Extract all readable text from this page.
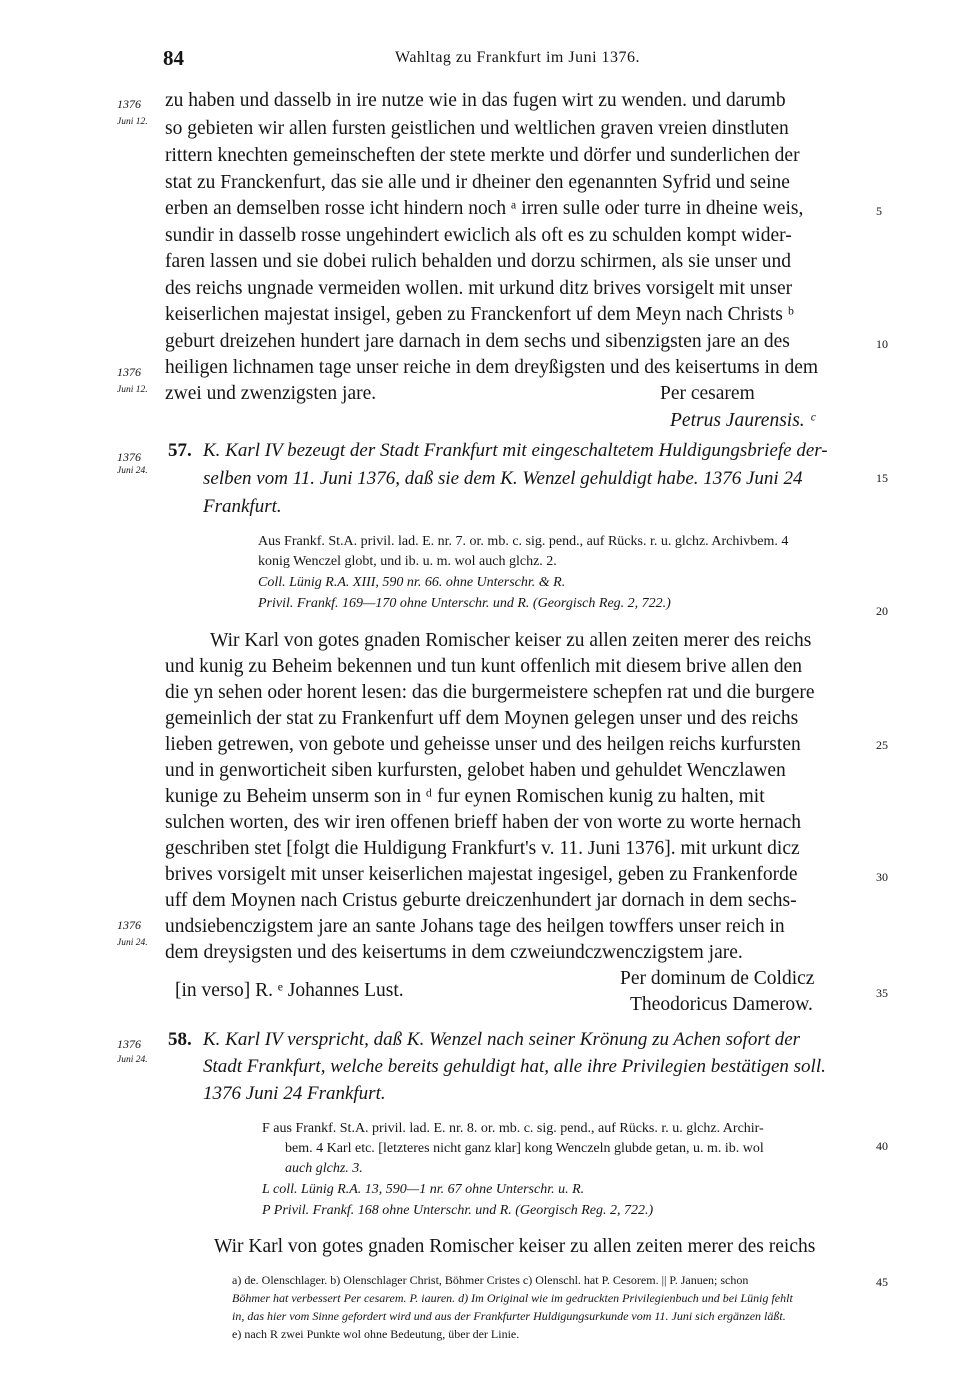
84	Wahltag zu Frankfurt im Juni 1376.
zu haben und dasselb in ire nutze wie in das fugen wirt zu wenden. und darumb
so gebieten wir allen fursten geistlichen und weltlichen graven vreien dinstluten
rittern knechten gemeinscheften der stete merkte und dörfer und sunderlichen der
stat zu Franckenfurt, das sie alle und ir dheiner den egenannten Syfrid und seine
erben an demselben rosse icht hindern noch ᵃ irren sulle oder turre in dheine weis,
sundir in dasselb rosse ungehindert ewiclich als oft es zu schulden kompt wider-
faren lassen und sie dobei rulich behalden und dorzu schirmen, als sie unser und
des reichs ungnade vermeiden wollen. mit urkund ditz brives vorsigelt mit unser
keiserlichen majestat insigel, geben zu Franckenfort uf dem Meyn nach Christs ᵇ
geburt dreizehen hundert jare darnach in dem sechs und sibenzigsten jare an des
heiligen lichnamen tage unser reiche in dem dreyßigsten und des keisertums in dem
zwei und zwenzigsten jare.	Per cesarem
Petrus Jaurensis. ᶜ
1376
Juni 12.
1376
Juni 12.
1376
Juni 24.
1376
Juni 24.
1376
Juni 24.
5
10
15
20
25
30
35
40
45
57. K. Karl IV bezeugt der Stadt Frankfurt mit eingeschaltetem Huldigungsbriefe der-
selben vom 11. Juni 1376, daß sie dem K. Wenzel gehuldigt habe. 1376 Juni 24
Frankfurt.
Aus Frankf. St.A. privil. lad. E. nr. 7. or. mb. c. sig. pend., auf Rücks. r. u. glchz. Archivbem. 4
konig Wenczel globt, und ib. u. m. wol auch glchz. 2.
Coll. Lünig R.A. XIII, 590 nr. 66. ohne Unterschr. & R.
Privil. Frankf. 169—170 ohne Unterschr. und R. (Georgisch Reg. 2, 722.)
Wir Karl von gotes gnaden Romischer keiser zu allen zeiten merer des reichs
und kunig zu Beheim bekennen und tun kunt offenlich mit diesem brive allen den
die yn sehen oder horent lesen: das die burgermeistere schepfen rat und die burgere
gemeinlich der stat zu Frankenfurt uff dem Moynen gelegen unser und des reichs
lieben getrewen, von gebote und geheisse unser und des heilgen reichs kurfursten
und in genworticheit siben kurfursten, gelobet haben und gehuldet Wenczlawen
kunige zu Beheim unserm son in ᵈ fur eynen Romischen kunig zu halten, mit
sulchen worten, des wir iren offenen brieff haben der von worte zu worte hernach
geschriben stet [folgt die Huldigung Frankfurt's v. 11. Juni 1376]. mit urkunt dicz
brives vorsigelt mit unser keiserlichen majestat ingesigel, geben zu Frankenforde
uff dem Moynen nach Cristus geburte dreiczenhundert jar dornach in dem sechs-
undsiebenczigstem jare an sante Johans tage des heilgen towffers unser reich in
dem dreysigsten und des keisertums in dem czweiundczwenczigstem jare.
Per dominum de Coldicz
[in verso] R. ᵉ Johannes Lust.
Theodoricus Damerow.
58. K. Karl IV verspricht, daß K. Wenzel nach seiner Krönung zu Achen sofort der
Stadt Frankfurt, welche bereits gehuldigt hat, alle ihre Privilegien bestätigen soll.
1376 Juni 24 Frankfurt.
F aus Frankf. St.A. privil. lad. E. nr. 8. or. mb. c. sig. pend., auf Rücks. r. u. glchz. Archir-
bem. 4 Karl etc. [letzteres nicht ganz klar] kong Wenczeln glubde getan, u. m. ib. wol
auch glchz. 3.
L coll. Lünig R.A. 13, 590—1 nr. 67 ohne Unterschr. u. R.
P Privil. Frankf. 168 ohne Unterschr. und R. (Georgisch Reg. 2, 722.)
Wir Karl von gotes gnaden Romischer keiser zu allen zeiten merer des reichs
a) de. Olenschlager. b) Olenschlager Christ, Böhmer Cristes c) Olenschl. hat P. Cesorem. || P. Januen; schon
Böhmer hat verbessert Per cesarem. P. iauren. d) Im Original wie im gedruckten Privilegienbuch und bei Lünig fehlt
in, das hier vom Sinne gefordert wird und aus der Frankfurter Huldigungsurkunde vom 11. Juni sich ergänzen läßt.
e) nach R zwei Punkte wol ohne Bedeutung, über der Linie.
